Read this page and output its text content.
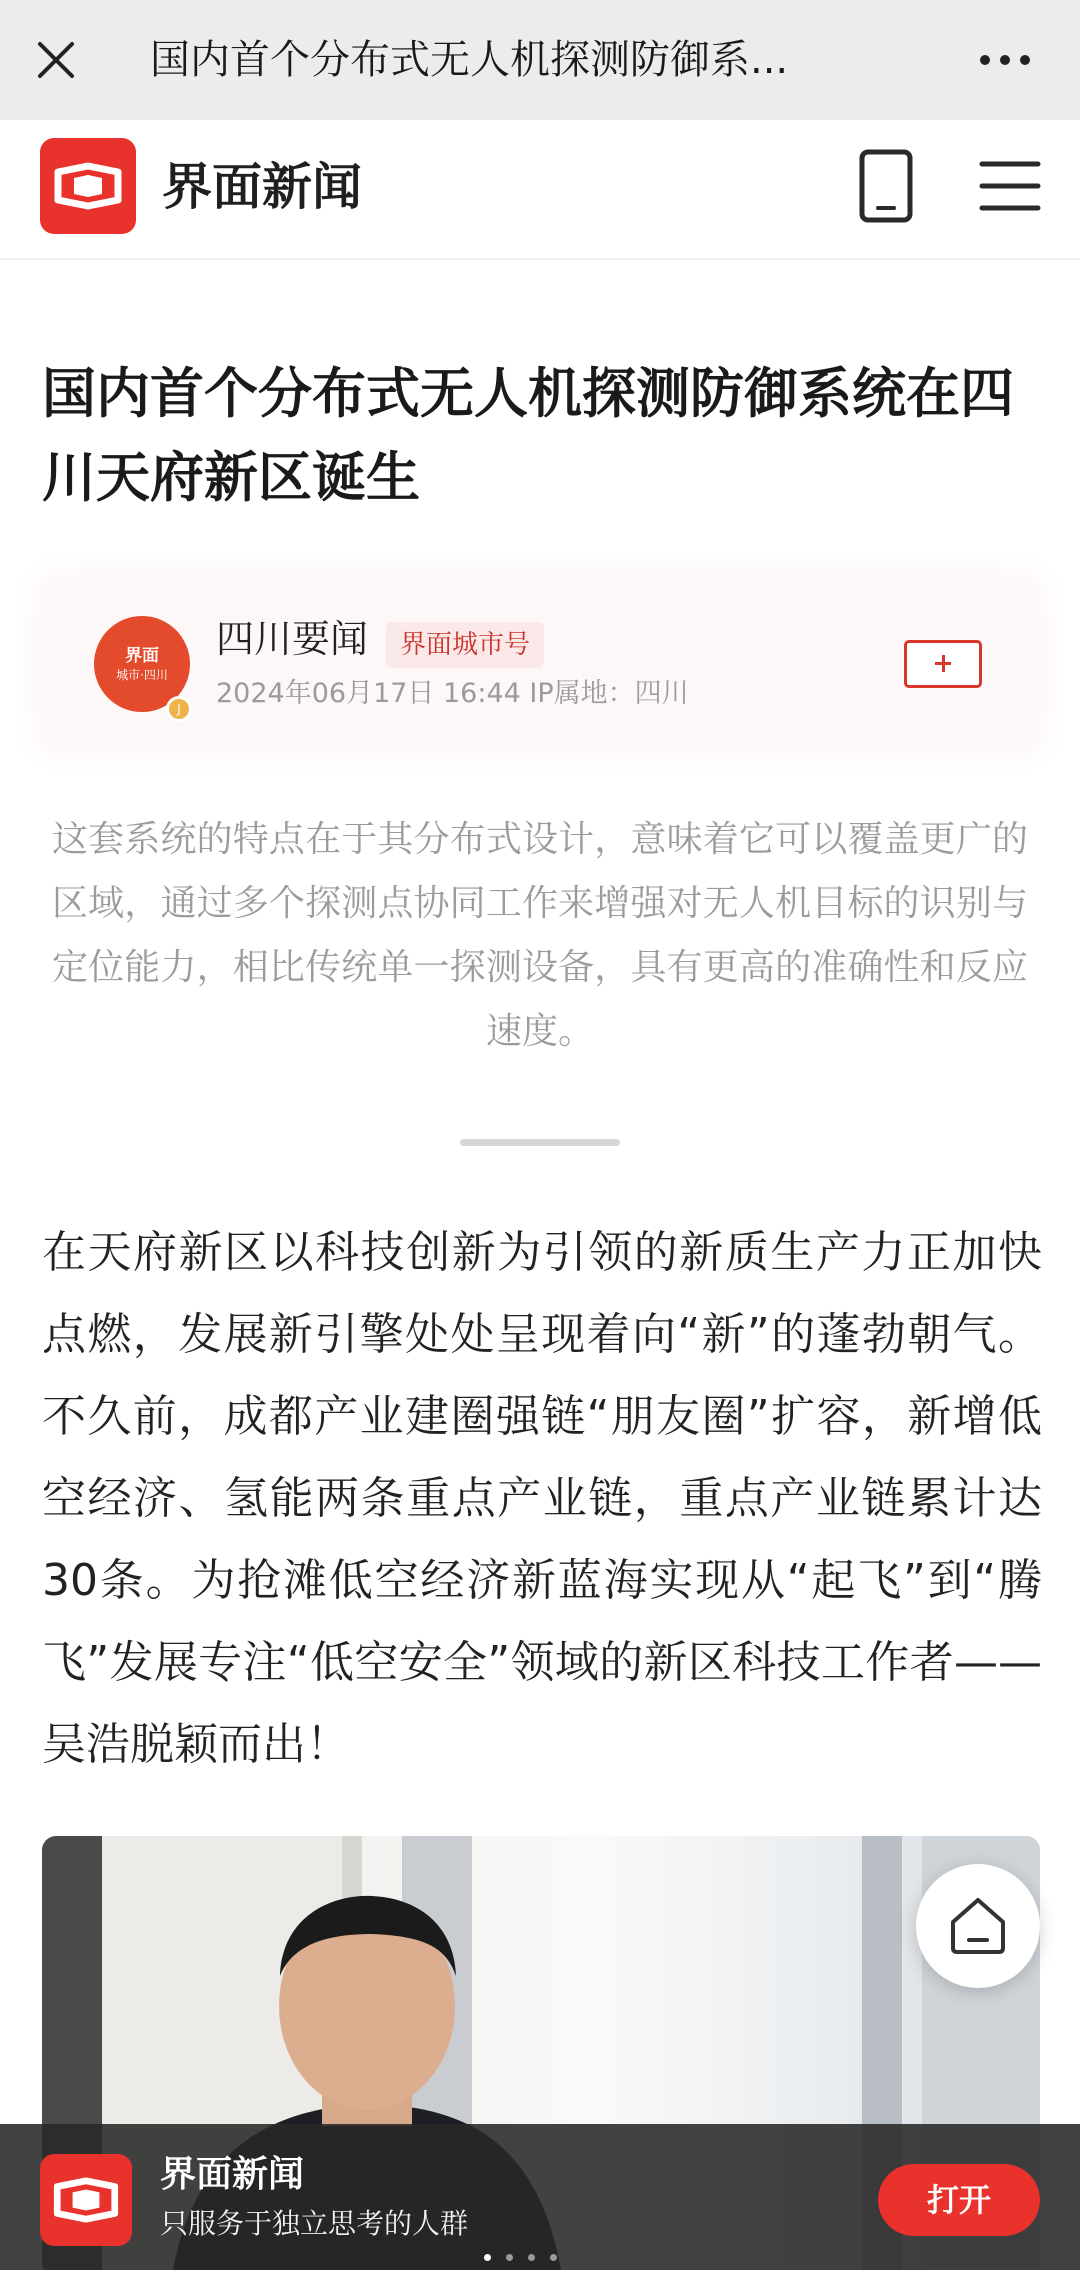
国内首个分布式无人机探测防御系...
界面新闻
国内首个分布式无人机探测防御系统在四川天府新区诞生
界面
城市·四川
J
四川要闻	界面城市号
2024年06月17日 16:44 IP属地：四川

这套系统的特点在于其分布式设计，意味着它可以覆盖更广的区域，通过多个探测点协同工作来增强对无人机目标的识别与定位能力，相比传统单一探测设备，具有更高的准确性和反应速度。

在天府新区以科技创新为引领的新质生产力正加快点燃，发展新引擎处处呈现着向“新”的蓬勃朝气。不久前，成都产业建圈强链“朋友圈”扩容，新增低空经济、氢能两条重点产业链，重点产业链累计达30条。为抢滩低空经济新蓝海实现从“起飞”到“腾飞”发展专注“低空安全”领域的新区科技工作者——吴浩脱颖而出！

界面新闻
只服务于独立思考的人群
打开
